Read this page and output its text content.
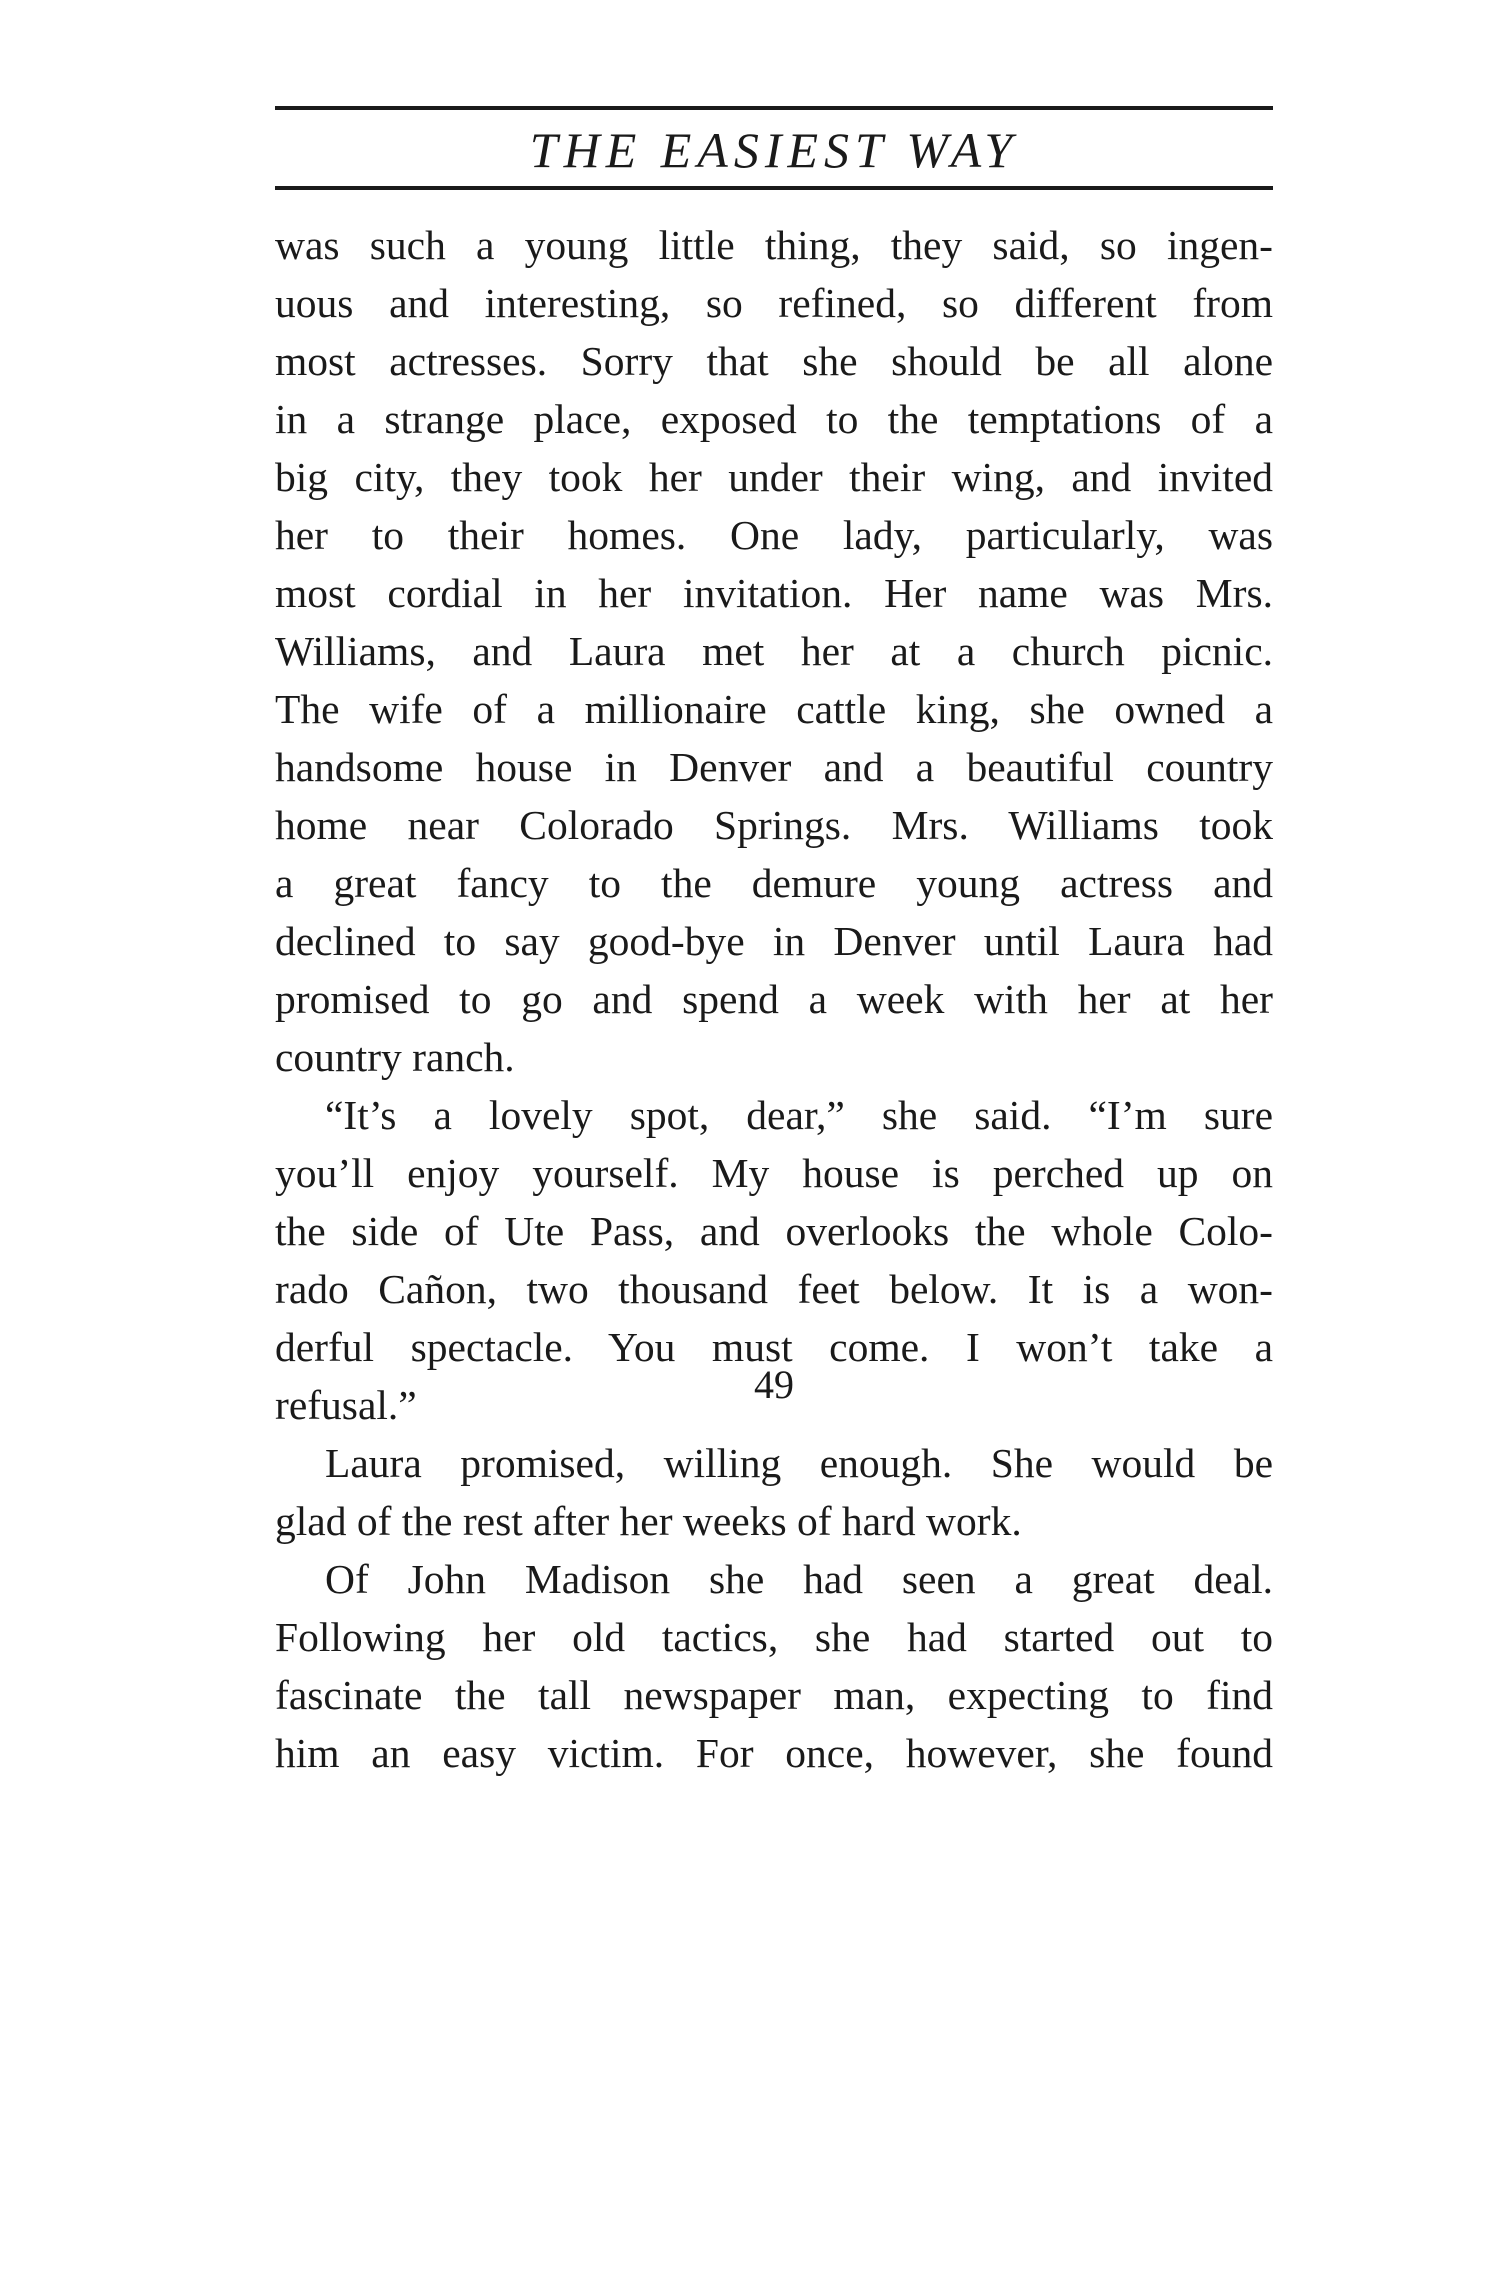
THE EASIEST WAY
was such a young little thing, they said, so ingen-
uous and interesting, so refined, so different from
most actresses. Sorry that she should be all alone
in a strange place, exposed to the temptations of a
big city, they took her under their wing, and invited
her to their homes. One lady, particularly, was
most cordial in her invitation. Her name was Mrs.
Williams, and Laura met her at a church picnic.
The wife of a millionaire cattle king, she owned a
handsome house in Denver and a beautiful country
home near Colorado Springs. Mrs. Williams took
a great fancy to the demure young actress and
declined to say good-bye in Denver until Laura had
promised to go and spend a week with her at her
country ranch.
“It’s a lovely spot, dear,” she said. “I’m sure
you’ll enjoy yourself. My house is perched up on
the side of Ute Pass, and overlooks the whole Colo-
rado Cañon, two thousand feet below. It is a won-
derful spectacle. You must come. I won’t take a
refusal.”
Laura promised, willing enough. She would be
glad of the rest after her weeks of hard work.
Of John Madison she had seen a great deal.
Following her old tactics, she had started out to
fascinate the tall newspaper man, expecting to find
him an easy victim. For once, however, she found
49
